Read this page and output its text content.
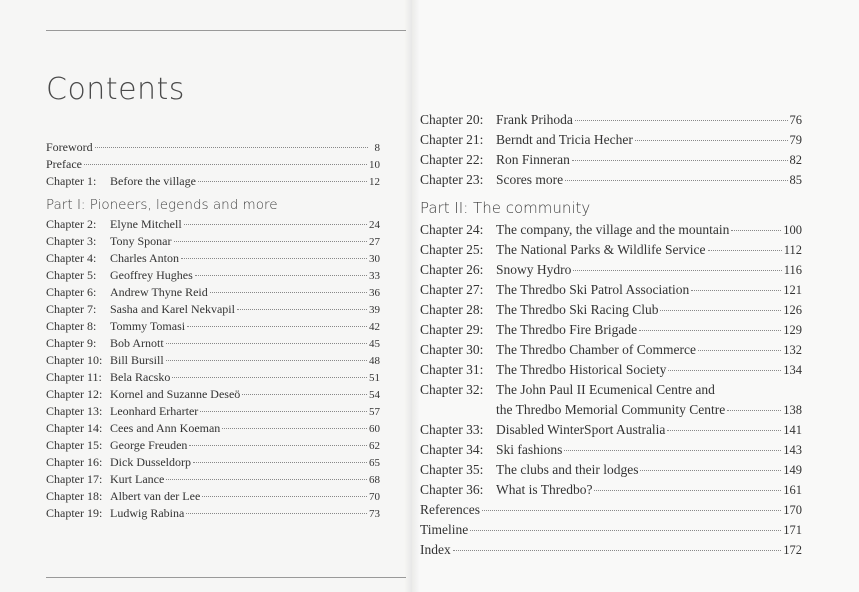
Contents
Foreword	8
Preface	10
Chapter 1:	Before the village	12
Part I: Pioneers, legends and more
Chapter 2:	Elyne Mitchell	24
Chapter 3:	Tony Sponar	27
Chapter 4:	Charles Anton	30
Chapter 5:	Geoffrey Hughes	33
Chapter 6:	Andrew Thyne Reid	36
Chapter 7:	Sasha and Karel Nekvapil	39
Chapter 8:	Tommy Tomasi	42
Chapter 9:	Bob Arnott	45
Chapter 10: Bill Bursill	48
Chapter 11: Bela Racsko	51
Chapter 12: Kornel and Suzanne Deseö	54
Chapter 13: Leonhard Erharter	57
Chapter 14: Cees and Ann Koeman	60
Chapter 15: George Freuden	62
Chapter 16: Dick Dusseldorp	65
Chapter 17: Kurt Lance	68
Chapter 18: Albert van der Lee	70
Chapter 19: Ludwig Rabina	73
Chapter 20: Frank Prihoda	76
Chapter 21: Berndt and Tricia Hecher	79
Chapter 22: Ron Finneran	82
Chapter 23: Scores more	85
Part II: The community
Chapter 24: The company, the village and the mountain	100
Chapter 25: The National Parks & Wildlife Service	112
Chapter 26: Snowy Hydro	116
Chapter 27: The Thredbo Ski Patrol Association	121
Chapter 28: The Thredbo Ski Racing Club	126
Chapter 29: The Thredbo Fire Brigade	129
Chapter 30: The Thredbo Chamber of Commerce	132
Chapter 31: The Thredbo Historical Society	134
Chapter 32: The John Paul II Ecumenical Centre and
the Thredbo Memorial Community Centre	138
Chapter 33: Disabled WinterSport Australia	141
Chapter 34: Ski fashions	143
Chapter 35: The clubs and their lodges	149
Chapter 36: What is Thredbo?	161
References	170
Timeline	171
Index	172
